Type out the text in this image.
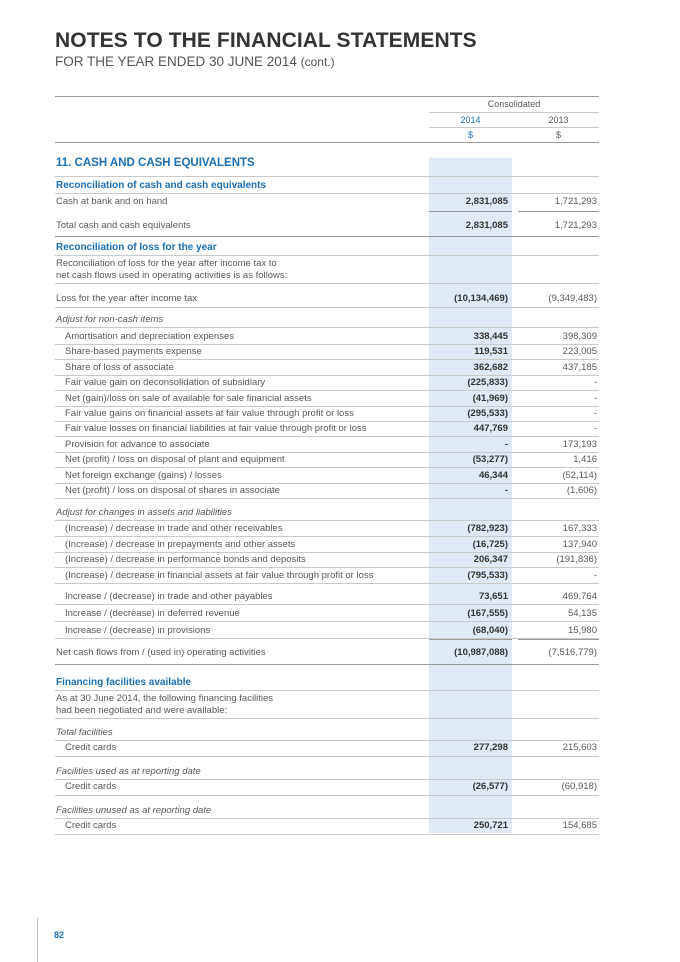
NOTES TO THE FINANCIAL STATEMENTS
FOR THE YEAR ENDED 30 JUNE 2014 (cont.)
Consolidated
2014	2013
$	$
11. CASH AND CASH EQUIVALENTS
Reconciliation of cash and cash equivalents
Cash at bank and on hand	2,831,085	1,721,293
Total cash and cash equivalents	2,831,085	1,721,293
Reconciliation of loss for the year
Reconciliation of loss for the year after income tax to
net cash flows used in operating activities is as follows:
Loss for the year after income tax	(10,134,469)	(9,349,483)
Adjust for non-cash items
Amortisation and depreciation expenses	338,445	398,309
Share-based payments expense	119,531	223,005
Share of loss of associate	362,682	437,185
Fair value gain on deconsolidation of subsidiary	(225,833)	-
Net (gain)/loss on sale of available for sale financial assets	(41,969)	-
Fair value gains on financial assets at fair value through profit or loss	(295,533)	-
Fair value losses on financial liabilities at fair value through profit or loss	447,769	-
Provision for advance to associate	-	173,193
Net (profit) / loss on disposal of plant and equipment	(53,277)	1,416
Net foreign exchange (gains) / losses	46,344	(52,114)
Net (profit) / loss on disposal of shares in associate	-	(1,606)
Adjust for changes in assets and liabilities
(Increase) / decrease in trade and other receivables	(782,923)	167,333
(Increase) / decrease in prepayments and other assets	(16,725)	137,940
(Increase) / decrease in performance bonds and deposits	206,347	(191,836)
(Increase) / decrease in financial assets at fair value through profit or loss	(795,533)	-
Increase / (decrease) in trade and other payables	73,651	469,764
Increase / (decrease) in deferred revenue	(167,555)	54,135
Increase / (decrease) in provisions	(68,040)	15,980
Net cash flows from / (used in) operating activities	(10,987,088)	(7,516,779)
Financing facilities available
As at 30 June 2014, the following financing facilities
had been negotiated and were available:
Total facilities
Credit cards	277,298	215,603
Facilities used as at reporting date
Credit cards	(26,577)	(60,918)
Facilities unused as at reporting date
Credit cards	250,721	154,685
82
